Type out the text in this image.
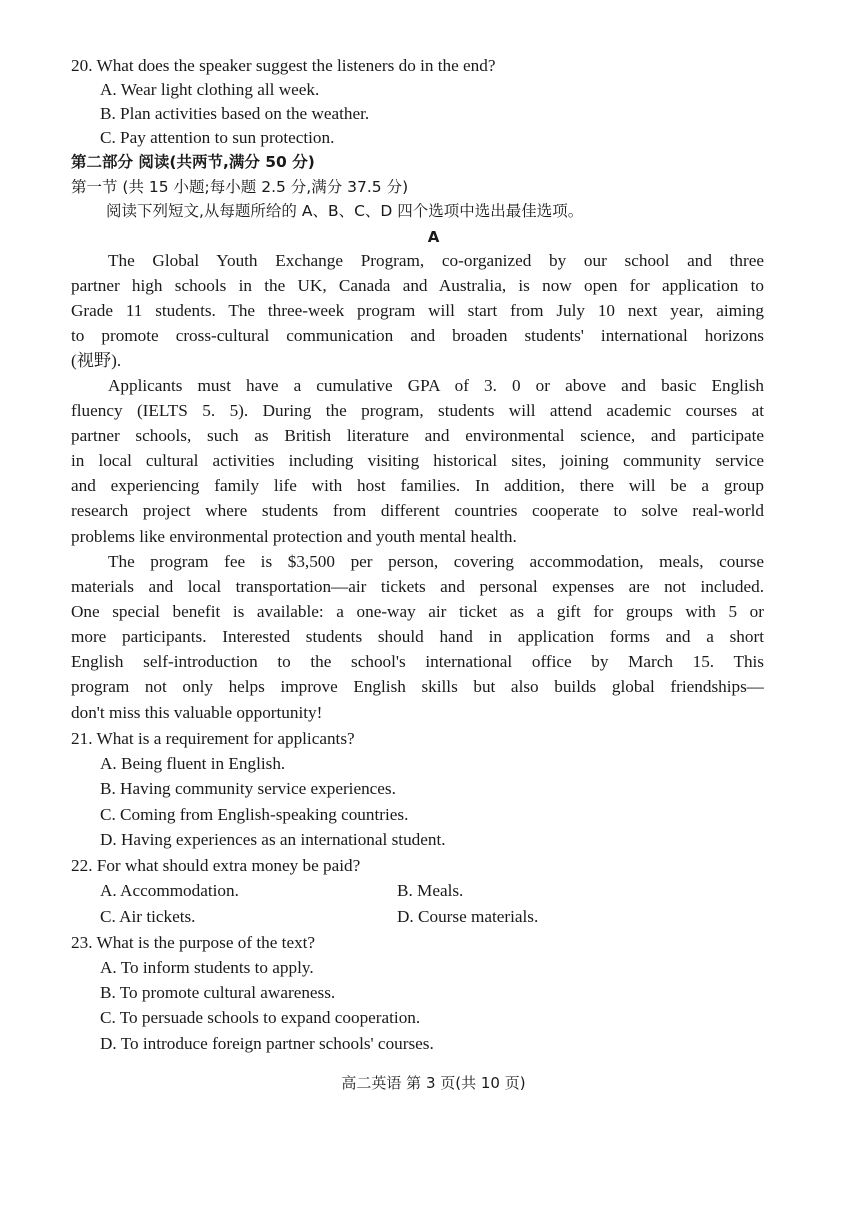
20. What does the speaker suggest the listeners do in the end?
A. Wear light clothing all week.
B. Plan activities based on the weather.
C. Pay attention to sun protection.
第二部分 阅读(共两节,满分 50 分)
第一节 (共 15 小题;每小题 2.5 分,满分 37.5 分)
阅读下列短文,从每题所给的 A、B、C、D 四个选项中选出最佳选项。
A
The Global Youth Exchange Program, co-organized by our school and three
partner high schools in the UK, Canada and Australia, is now open for application to
Grade 11 students. The three-week program will start from July 10 next year, aiming
to promote cross-cultural communication and broaden students' international horizons
(视野).
Applicants must have a cumulative GPA of 3. 0 or above and basic English
fluency (IELTS 5. 5). During the program, students will attend academic courses at
partner schools, such as British literature and environmental science, and participate
in local cultural activities including visiting historical sites, joining community service
and experiencing family life with host families. In addition, there will be a group
research project where students from different countries cooperate to solve real-world
problems like environmental protection and youth mental health.
The program fee is $3,500 per person, covering accommodation, meals, course
materials and local transportation—air tickets and personal expenses are not included.
One special benefit is available: a one-way air ticket as a gift for groups with 5 or
more participants. Interested students should hand in application forms and a short
English self-introduction to the school's international office by March 15. This
program not only helps improve English skills but also builds global friendships—
don't miss this valuable opportunity!
21. What is a requirement for applicants?
A. Being fluent in English.
B. Having community service experiences.
C. Coming from English-speaking countries.
D. Having experiences as an international student.
22. For what should extra money be paid?
A. Accommodation.	B. Meals.
C. Air tickets.	D. Course materials.
23. What is the purpose of the text?
A. To inform students to apply.
B. To promote cultural awareness.
C. To persuade schools to expand cooperation.
D. To introduce foreign partner schools' courses.
高二英语 第 3 页(共 10 页)
